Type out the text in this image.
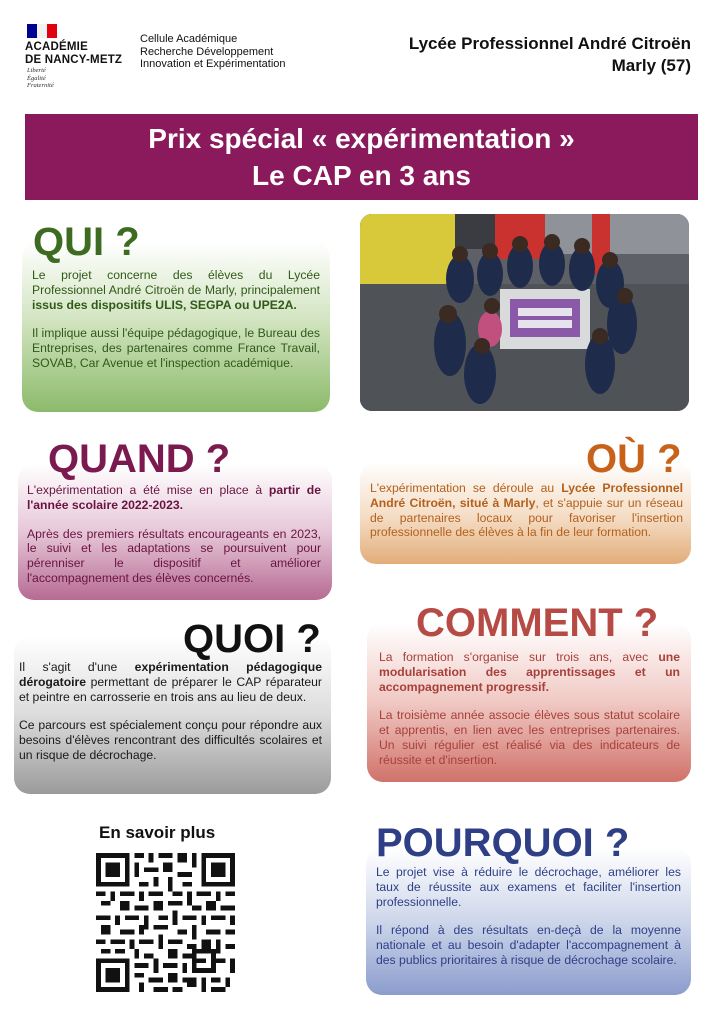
ACADÉMIE
DE NANCY-METZ
Liberté
Égalité
Fraternité
Cellule Académique
Recherche Développement
Innovation et Expérimentation
Lycée Professionnel André Citroën
Marly (57)
Prix spécial « expérimentation »
Le CAP en 3 ans
QUI ?

Le projet concerne des élèves du Lycée Professionnel André Citroën de Marly, principalement issus des dispositifs ULIS, SEGPA ou UPE2A.

Il implique aussi l'équipe pédagogique, le Bureau des Entreprises, des partenaires comme France Travail, SOVAB, Car Avenue et l'inspection académique.

QUAND ?

L'expérimentation a été mise en place à partir de l'année scolaire 2022-2023.

Après des premiers résultats encourageants en 2023, le suivi et les adaptations se poursuivent pour pérenniser le dispositif et améliorer l'accompagnement des élèves concernés.

OÙ ?

L'expérimentation se déroule au Lycée Professionnel André Citroën, situé à Marly, et s'appuie sur un réseau de partenaires locaux pour favoriser l'insertion professionnelle des élèves à la fin de leur formation.

QUOI ?

Il s'agit d'une expérimentation pédagogique dérogatoire permettant de préparer le CAP réparateur et peintre en carrosserie en trois ans au lieu de deux.

Ce parcours est spécialement conçu pour répondre aux besoins d'élèves rencontrant des difficultés scolaires et un risque de décrochage.

COMMENT ?

La formation s'organise sur trois ans, avec une modularisation des apprentissages et un accompagnement progressif.

La troisième année associe élèves sous statut scolaire et apprentis, en lien avec les entreprises partenaires. Un suivi régulier est réalisé via des indicateurs de réussite et d'insertion.

En savoir plus	POURQUOI ?

Le projet vise à réduire le décrochage, améliorer les taux de réussite aux examens et faciliter l'insertion professionnelle.

Il répond à des résultats en-deçà de la moyenne nationale et au besoin d'adapter l'accompagnement à des publics prioritaires à risque de décrochage scolaire.
